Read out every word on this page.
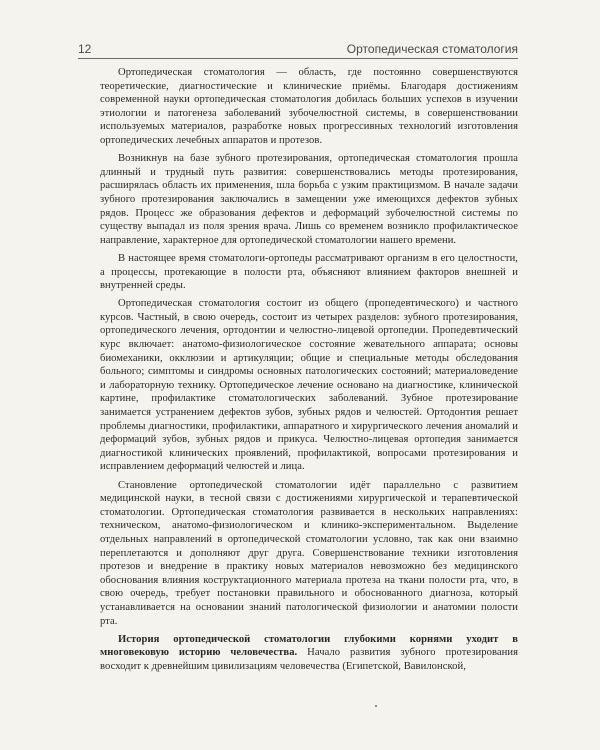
12	Ортопедическая стоматология

Ортопедическая стоматология — область, где постоянно совершенствуются теоретические, диагностические и клинические приёмы. Благодаря достижениям современной науки ортопедическая стоматология добилась больших успехов в изучении этиологии и патогенеза заболеваний зубочелюстной системы, в совершенствовании используемых материалов, разработке новых прогрессивных технологий изготовления ортопедических лечебных аппаратов и протезов.

Возникнув на базе зубного протезирования, ортопедическая стоматология прошла длинный и трудный путь развития: совершенствовались методы протезирования, расширялась область их применения, шла борьба с узким практицизмом. В начале задачи зубного протезирования заключались в замещении уже имеющихся дефектов зубных рядов. Процесс же образования дефектов и деформаций зубочелюстной системы по существу выпадал из поля зрения врача. Лишь со временем возникло профилактическое направление, характерное для ортопедической стоматологии нашего времени.

В настоящее время стоматологи-ортопеды рассматривают организм в его целостности, а процессы, протекающие в полости рта, объясняют влиянием факторов внешней и внутренней среды.

Ортопедическая стоматология состоит из общего (пропедевтического) и частного курсов. Частный, в свою очередь, состоит из четырех разделов: зубного протезирования, ортопедического лечения, ортодонтии и челюстно-лицевой ортопедии. Пропедевтический курс включает: анатомо-физиологическое состояние жевательного аппарата; основы биомеханики, окклюзии и артикуляции; общие и специальные методы обследования больного; симптомы и синдромы основных патологических состояний; материаловедение и лабораторную технику. Ортопедическое лечение основано на диагностике, клинической картине, профилактике стоматологических заболеваний. Зубное протезирование занимается устранением дефектов зубов, зубных рядов и челюстей. Ортодонтия решает проблемы диагностики, профилактики, аппаратного и хирургического лечения аномалий и деформаций зубов, зубных рядов и прикуса. Челюстно-лицевая ортопедия занимается диагностикой клинических проявлений, профилактикой, вопросами протезирования и исправлением деформаций челюстей и лица.

Становление ортопедической стоматологии идёт параллельно с развитием медицинской науки, в тесной связи с достижениями хирургической и терапевтической стоматологии. Ортопедическая стоматология развивается в нескольких направлениях: техническом, анатомо-физиологическом и клинико-экспериментальном. Выделение отдельных направлений в ортопедической стоматологии условно, так как они взаимно переплетаются и дополняют друг друга. Совершенствование техники изготовления протезов и внедрение в практику новых материалов невозможно без медицинского обоснования влияния коструктационного материала протеза на ткани полости рта, что, в свою очередь, требует постановки правильного и обоснованного диагноза, который устанавливается на основании знаний патологической физиологии и анатомии полости рта.

История ортопедической стоматологии глубокими корнями уходит в многовековую историю человечества. Начало развития зубного протезирования восходит к древнейшим цивилизациям человечества (Египетской, Вавилонской,
